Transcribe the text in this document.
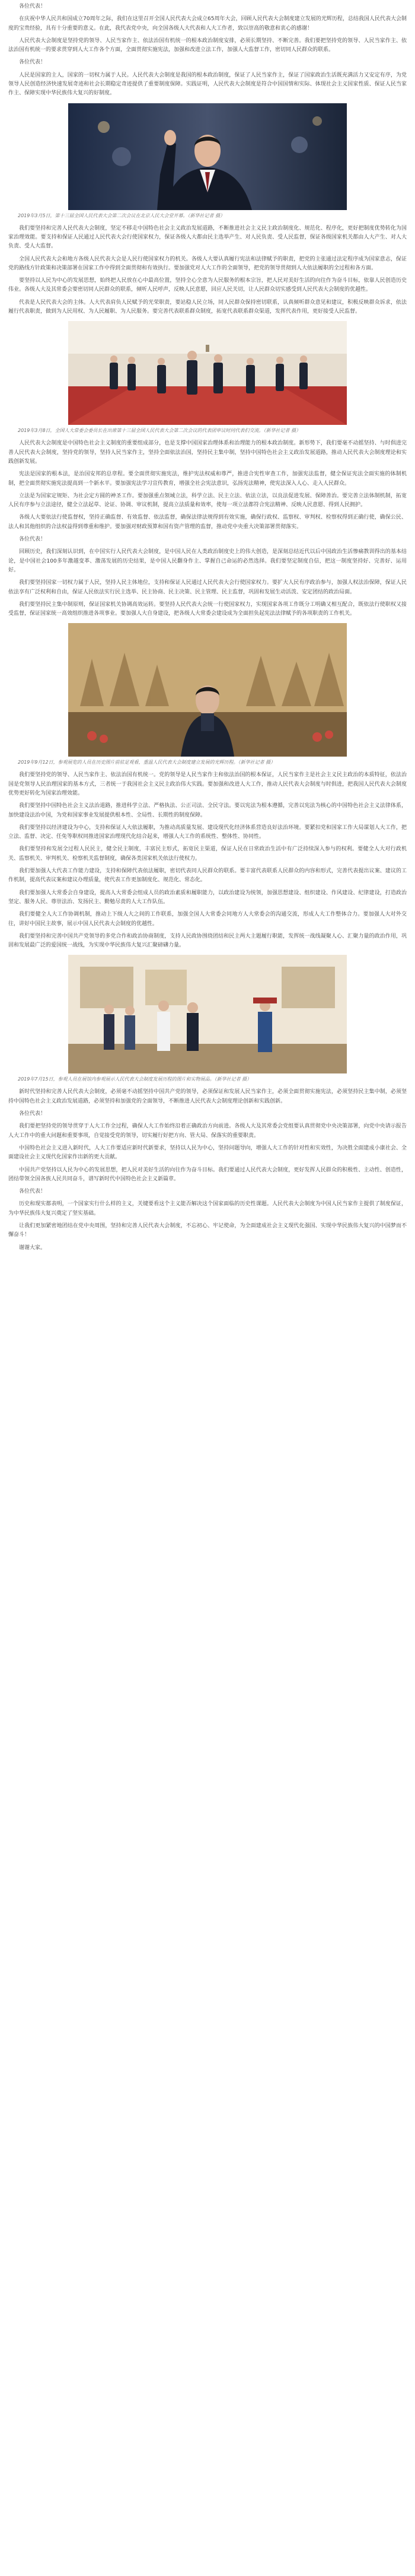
各位代表！

在庆祝中华人民共和国成立70周年之际，我们在这里召开全国人民代表大会成立65周年大会，回顾人民代表大会制度建立发展的光辉历程，总结我国人民代表大会制度的宝贵经验，具有十分重要的意义。在此，我代表党中央，向全国各级人大代表和人大工作者，致以崇高的敬意和衷心的感谢！

人民代表大会制度是坚持党的领导、人民当家作主、依法治国有机统一的根本政治制度安排，必须长期坚持、不断完善。我们要把坚持党的领导、人民当家作主、依法治国有机统一的要求贯穿到人大工作各个方面，全面贯彻实施宪法，加强和改进立法工作，加强人大监督工作，密切同人民群众的联系。

各位代表！

人民是国家的主人，国家的一切权力属于人民。人民代表大会制度是我国的根本政治制度，保证了人民当家作主，保证了国家政治生活既充满活力又安定有序，为党领导人民创造经济快速发展奇迹和社会长期稳定奇迹提供了重要制度保障。实践证明，人民代表大会制度是符合中国国情和实际、体现社会主义国家性质、保证人民当家作主、保障实现中华民族伟大复兴的好制度。

2019年3月5日，第十三届全国人民代表大会第二次会议在北京人民大会堂开幕。（新华社记者 摄）

我们要坚持和完善人民代表大会制度，坚定不移走中国特色社会主义政治发展道路，不断推进社会主义民主政治制度化、规范化、程序化，更好把制度优势转化为国家治理效能。要支持和保证人民通过人民代表大会行使国家权力，保证各级人大都由民主选举产生、对人民负责、受人民监督，保证各级国家机关都由人大产生、对人大负责、受人大监督。

全国人民代表大会和地方各级人民代表大会是人民行使国家权力的机关。各级人大要认真履行宪法和法律赋予的职责，把党的主张通过法定程序成为国家意志，保证党的路线方针政策和决策部署在国家工作中得到全面贯彻和有效执行。要加强党对人大工作的全面领导，把党的领导贯彻到人大依法履职的全过程和各方面。

要坚持以人民为中心的发展思想，始终把人民放在心中最高位置，坚持全心全意为人民服务的根本宗旨，把人民对美好生活的向往作为奋斗目标，依靠人民创造历史伟业。各级人大及其常委会要密切同人民群众的联系，倾听人民呼声，反映人民意愿，回应人民关切，让人民群众切实感受到人民代表大会制度的优越性。

代表是人民代表大会的主体。人大代表肩负人民赋予的光荣职责，要站稳人民立场，同人民群众保持密切联系，认真倾听群众意见和建议，积极反映群众诉求，依法履行代表职责，做到为人民用权、为人民履职、为人民服务。要完善代表联系群众制度，拓宽代表联系群众渠道，发挥代表作用，更好接受人民监督。

2019年3月8日，全国人大常委会委员长在出席第十三届全国人民代表大会第二次会议的代表团审议时同代表们交流。（新华社记者 摄）

人民代表大会制度是中国特色社会主义制度的重要组成部分，也是支撑中国国家治理体系和治理能力的根本政治制度。新形势下，我们要毫不动摇坚持、与时俱进完善人民代表大会制度，坚持党的领导，坚持人民当家作主，坚持全面依法治国，坚持民主集中制，坚持中国特色社会主义政治发展道路，推动人民代表大会制度理论和实践创新发展。

宪法是国家的根本法，是治国安邦的总章程。要全面贯彻实施宪法，维护宪法权威和尊严，推进合宪性审查工作，加强宪法监督，健全保证宪法全面实施的体制机制，把全面贯彻实施宪法提高到一个新水平。要加强宪法学习宣传教育，增强全社会宪法意识，弘扬宪法精神，使宪法深入人心、走入人民群众。

立法是为国家定规矩、为社会定方圆的神圣工作。要加强重点领域立法，科学立法、民主立法、依法立法，以良法促进发展、保障善治。要完善立法体制机制，拓宽人民有序参与立法途径，健全立法起草、论证、协调、审议机制，提高立法质量和效率，使每一项立法都符合宪法精神、反映人民意愿、得到人民拥护。

各级人大要依法行使监督权，坚持正确监督、有效监督、依法监督，确保法律法规得到有效实施，确保行政权、监察权、审判权、检察权得到正确行使，确保公民、法人和其他组织的合法权益得到尊重和维护。要加强对财政预算和国有资产管理的监督，推动党中央重大决策部署贯彻落实。

各位代表！

回顾历史，我们深刻认识到，在中国实行人民代表大会制度，是中国人民在人类政治制度史上的伟大创造，是深刻总结近代以后中国政治生活惨痛教训得出的基本结论，是中国社会100多年激越变革、激荡发展的历史结果，是中国人民翻身作主、掌握自己命运的必然选择。我们要坚定制度自信，把这一制度坚持好、完善好、运用好。

我们要坚持国家一切权力属于人民，坚持人民主体地位，支持和保证人民通过人民代表大会行使国家权力。要扩大人民有序政治参与，加强人权法治保障，保证人民依法享有广泛权利和自由，保证人民依法实行民主选举、民主协商、民主决策、民主管理、民主监督，巩固和发展生动活泼、安定团结的政治局面。

我们要坚持民主集中制原则，保证国家机关协调高效运转。要坚持人民代表大会统一行使国家权力，实现国家各项工作既分工明确又相互配合，既依法行使职权又接受监督，保证国家统一高效组织推进各项事业。要加强人大自身建设，把各级人大常委会建设成为全面担负起宪法法律赋予的各项职责的工作机关。

2019年9月12日，参观展览的人员在历史图片前驻足观看，重温人民代表大会制度建立发展的光辉历程。（新华社记者 摄）

我们要坚持党的领导、人民当家作主、依法治国有机统一。党的领导是人民当家作主和依法治国的根本保证，人民当家作主是社会主义民主政治的本质特征，依法治国是党领导人民治理国家的基本方式，三者统一于我国社会主义民主政治伟大实践。要加强和改进人大工作，推动人民代表大会制度与时俱进，把我国人民代表大会制度优势更好转化为国家治理效能。

我们要坚持中国特色社会主义法治道路，推进科学立法、严格执法、公正司法、全民守法。要以宪法为根本遵循，完善以宪法为核心的中国特色社会主义法律体系，加快建设法治中国，为党和国家事业发展提供根本性、全局性、长期性的制度保障。

我们要坚持以经济建设为中心，支持和保证人大依法履职，为推动高质量发展、建设现代化经济体系营造良好法治环境。要紧扣党和国家工作大局谋划人大工作，把立法、监督、决定、任免等职权同推进国家治理现代化结合起来，增强人大工作的系统性、整体性、协同性。

我们要坚持和发展全过程人民民主，健全民主制度，丰富民主形式，拓宽民主渠道，保证人民在日常政治生活中有广泛持续深入参与的权利。要健全人大对行政机关、监察机关、审判机关、检察机关监督制度，确保各类国家机关依法行使权力。

我们要加强人大代表工作能力建设，支持和保障代表依法履职，密切代表同人民群众的联系。要丰富代表联系人民群众的内容和形式，完善代表提出议案、建议的工作机制，提高代表议案和建议办理质量，使代表工作更加制度化、规范化、常态化。

我们要加强人大常委会自身建设，提高人大常委会组成人员的政治素质和履职能力，以政治建设为统领，加强思想建设、组织建设、作风建设、纪律建设，打造政治坚定、服务人民、尊崇法治、发扬民主、勤勉尽责的人大工作队伍。

我们要健全人大工作协调机制，推动上下级人大之间的工作联系，加强全国人大常委会同地方人大常委会的沟通交流，形成人大工作整体合力。要加强人大对外交往，讲好中国民主故事，展示中国人民代表大会制度的优越性。

我们要坚持和完善中国共产党领导的多党合作和政治协商制度，支持人民政协围绕团结和民主两大主题履行职能，发挥统一战线凝聚人心、汇聚力量的政治作用，巩固和发展最广泛的爱国统一战线，为实现中华民族伟大复兴汇聚磅礴力量。

2019年7月15日，参观人员在展馆内参观展示人民代表大会制度发展历程的图片和实物展品。（新华社记者 摄）

新时代坚持和完善人民代表大会制度，必须毫不动摇坚持中国共产党的领导，必须保证和发展人民当家作主，必须全面贯彻实施宪法，必须坚持民主集中制，必须坚持中国特色社会主义政治发展道路，必须坚持和加强党的全面领导，不断推进人民代表大会制度理论创新和实践创新。

各位代表！

我们要把坚持党的领导贯穿于人大工作全过程，确保人大工作始终沿着正确政治方向前进。各级人大及其常委会党组要认真贯彻党中央决策部署，向党中央请示报告人大工作中的重大问题和重要事项，自觉接受党的领导，切实履行好把方向、管大局、保落实的重要职责。

中国特色社会主义进入新时代，人大工作要适应新时代新要求，坚持以人民为中心，坚持问题导向，增强人大工作的针对性和实效性，为决胜全面建成小康社会、全面建设社会主义现代化国家作出新的更大贡献。

中国共产党坚持以人民为中心的发展思想，把人民对美好生活的向往作为奋斗目标。我们要通过人民代表大会制度，更好发挥人民群众的积极性、主动性、创造性，团结带领全国各族人民共同奋斗，谱写新时代中国特色社会主义新篇章。

各位代表！

历史和现实都表明，一个国家实行什么样的主义，关键要看这个主义能否解决这个国家面临的历史性课题。人民代表大会制度为中国人民当家作主提供了制度保证，为中华民族伟大复兴奠定了坚实基础。

让我们更加紧密地团结在党中央周围，坚持和完善人民代表大会制度，不忘初心、牢记使命，为全面建成社会主义现代化强国、实现中华民族伟大复兴的中国梦而不懈奋斗！

谢谢大家。
